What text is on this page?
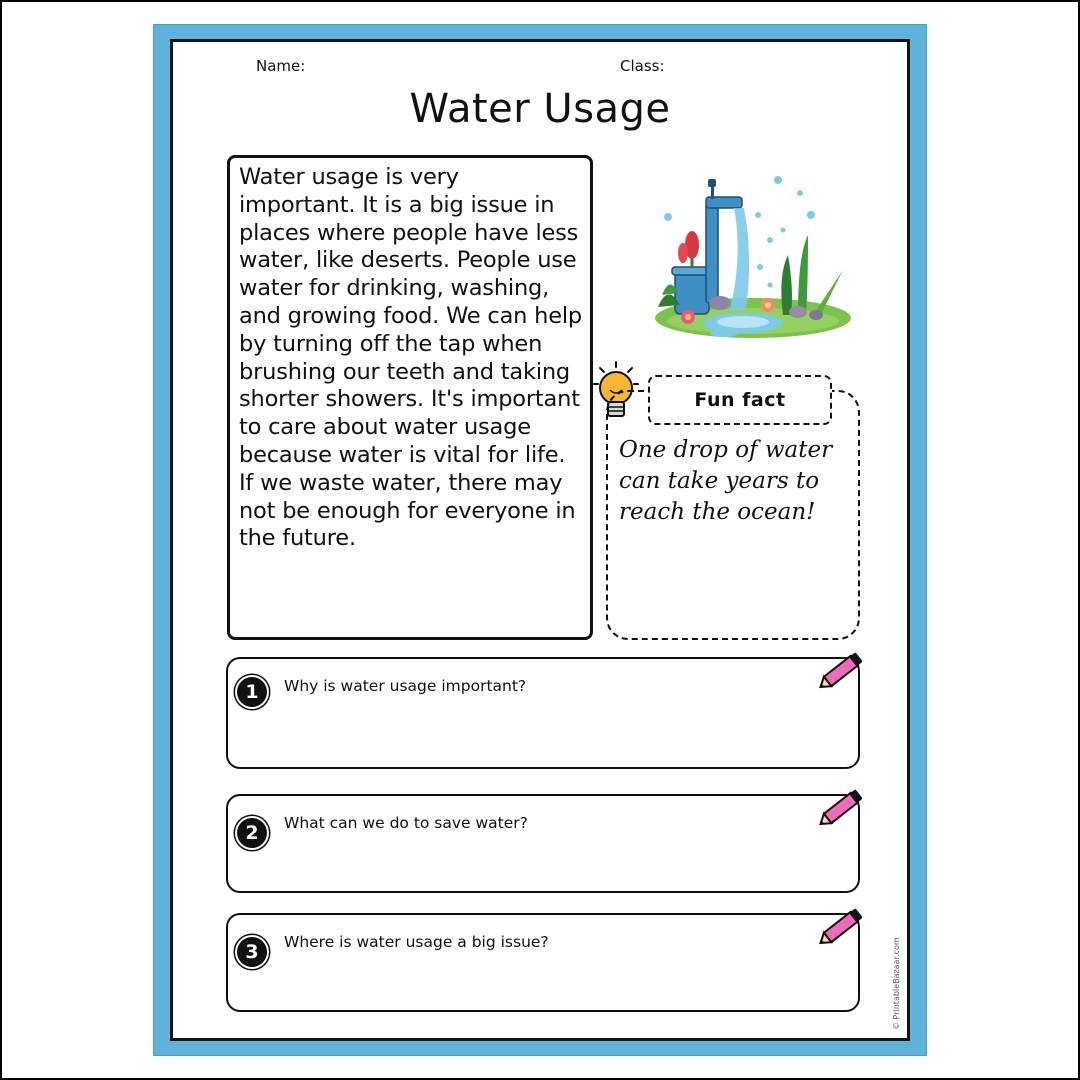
Name:	Class:
Water Usage

Water usage is very important. It is a big issue in places where people have less water, like deserts. People use water for drinking, washing, and growing food. We can help by turning off the tap when brushing our teeth and taking shorter showers. It's important to care about water usage because water is vital for life. If we waste water, there may not be enough for everyone in the future.

Fun fact
One drop of water can take years to reach the ocean!
1	Why is water usage important?
2	What can we do to save water?
3	Where is water usage a big issue?	© PrintableBazaar.com
